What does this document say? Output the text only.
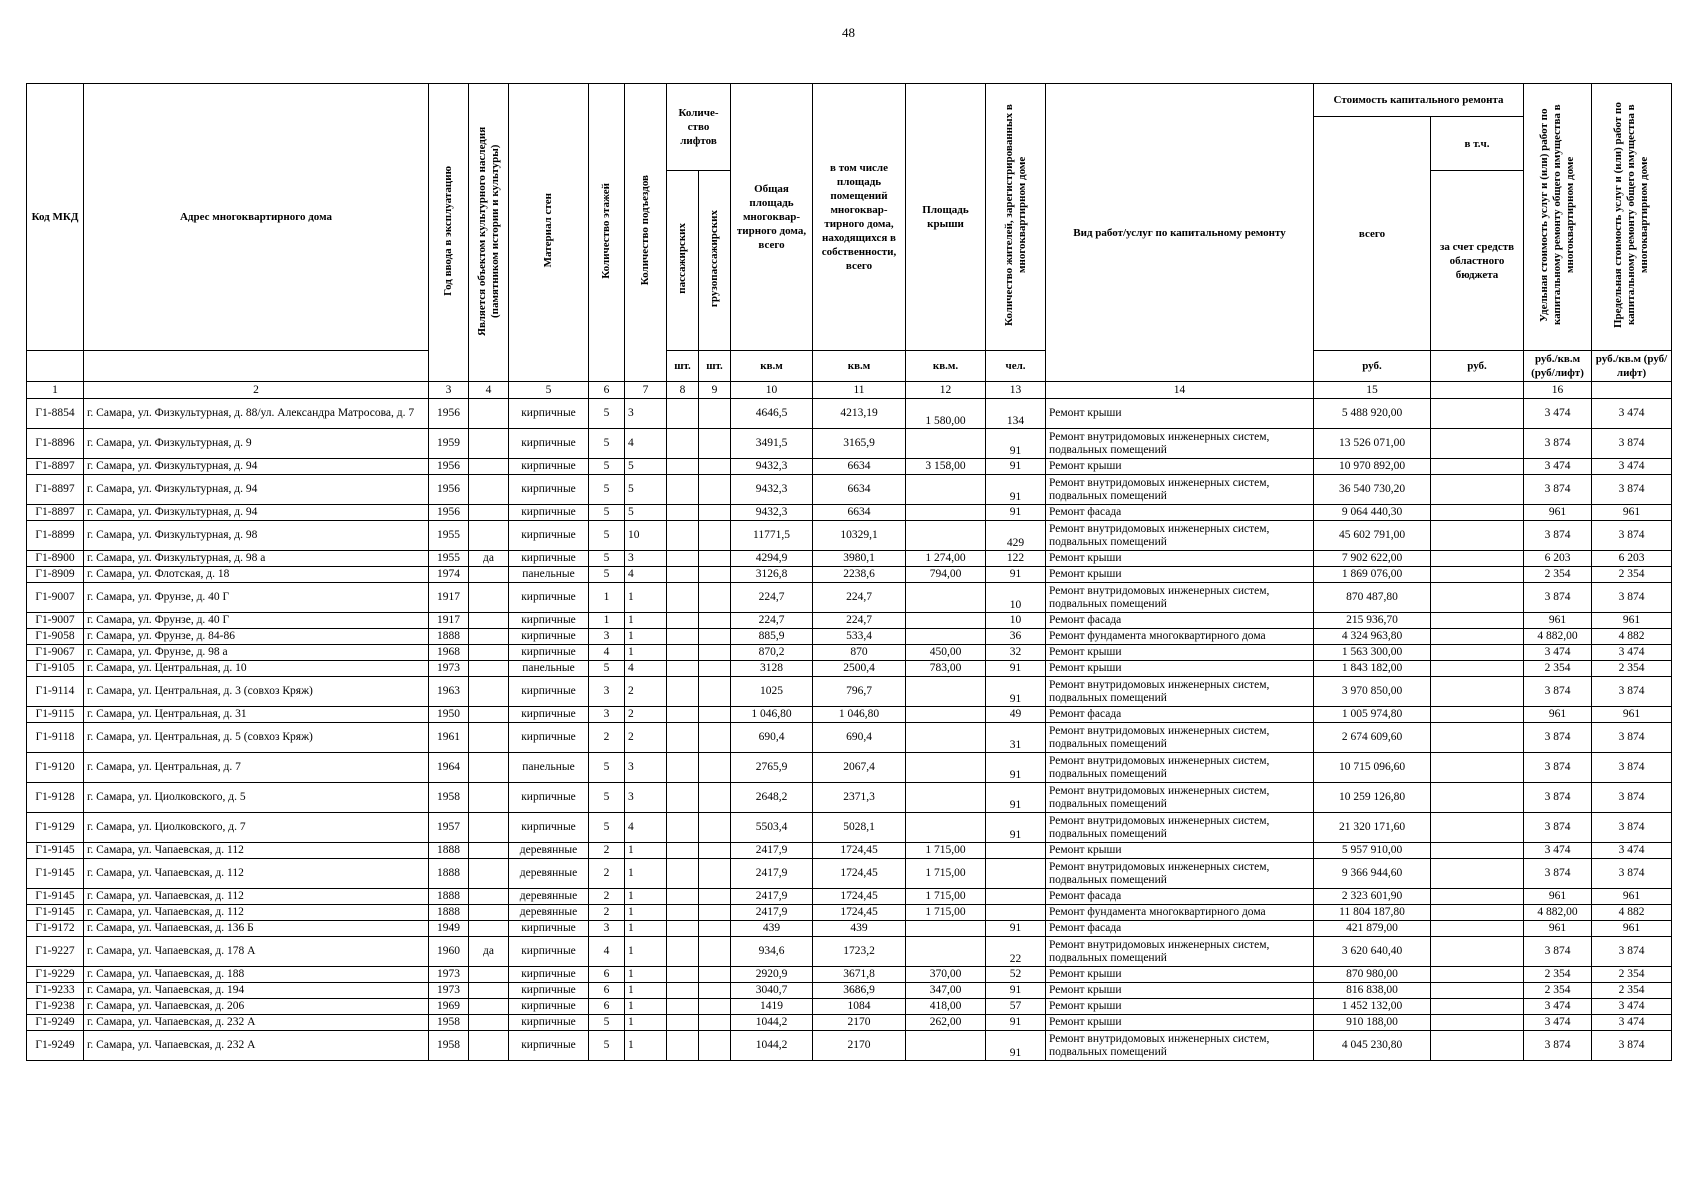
48
Код МКД	Адрес многоквартирного дома	Год ввода в эксплуатацию	Является объектом культурного наследия (памятником истории и культуры)	Материал стен	Количество этажей	Количество подъездов	Количе- ство лифтов		Общая площадь многоквар- тирного дома, всего	в том числе площадь помещений многоквар- тирного дома, находящихся в собственности, всего	Площадь крыши	Количество жителей, зарегистрированных в многоквартирном доме	Вид работ/услуг по капитальному ремонту	Стоимость капитального ремонта		Удельная стоимость услуг и (или) работ по капитальному ремонту общего имущества в многоквартирном доме	Предельная стоимость услуг и (или) работ по капитальному ремонту общего имущества в многоквартирном доме
														всего	в т.ч.		
							пассажирских	грузопассажирских							за счет средств областного бюджета		
							шт.	шт.	кв.м	кв.м	кв.м.	чел.		руб.	руб.	руб./кв.м (руб/лифт)	руб./кв.м (руб/лифт)
1	2	3	4	5	6	7	8	9	10	11	12	13	14	15		16	
Г1-8854	г. Самара, ул. Физкультурная, д. 88/ул. Александра Матросова, д. 7	1956		кирпичные	5	3			4646,5	4213,19	1 580,00	134	Ремонт крыши	5 488 920,00		3 474	3 474
Г1-8896	г. Самара, ул. Физкультурная, д. 9	1959		кирпичные	5	4			3491,5	3165,9		91	Ремонт внутридомовых инженерных систем, подвальных помещений	13 526 071,00		3 874	3 874
Г1-8897	г. Самара, ул. Физкультурная, д. 94	1956		кирпичные	5	5			9432,3	6634	3 158,00	91	Ремонт крыши	10 970 892,00		3 474	3 474
Г1-8897	г. Самара, ул. Физкультурная, д. 94	1956		кирпичные	5	5			9432,3	6634		91	Ремонт внутридомовых инженерных систем, подвальных помещений	36 540 730,20		3 874	3 874
Г1-8897	г. Самара, ул. Физкультурная, д. 94	1956		кирпичные	5	5			9432,3	6634		91	Ремонт фасада	9 064 440,30		961	961
Г1-8899	г. Самара, ул. Физкультурная, д. 98	1955		кирпичные	5	10			11771,5	10329,1		429	Ремонт внутридомовых инженерных систем, подвальных помещений	45 602 791,00		3 874	3 874
Г1-8900	г. Самара, ул. Физкультурная, д. 98 а	1955	да	кирпичные	5	3			4294,9	3980,1	1 274,00	122	Ремонт крыши	7 902 622,00		6 203	6 203
Г1-8909	г. Самара, ул. Флотская, д. 18	1974		панельные	5	4			3126,8	2238,6	794,00	91	Ремонт крыши	1 869 076,00		2 354	2 354
Г1-9007	г. Самара, ул. Фрунзе, д. 40 Г	1917		кирпичные	1	1			224,7	224,7		10	Ремонт внутридомовых инженерных систем, подвальных помещений	870 487,80		3 874	3 874
Г1-9007	г. Самара, ул. Фрунзе, д. 40 Г	1917		кирпичные	1	1			224,7	224,7		10	Ремонт фасада	215 936,70		961	961
Г1-9058	г. Самара, ул. Фрунзе, д. 84-86	1888		кирпичные	3	1			885,9	533,4		36	Ремонт фундамента многоквартирного дома	4 324 963,80		4 882,00	4 882
Г1-9067	г. Самара, ул. Фрунзе, д. 98 а	1968		кирпичные	4	1			870,2	870	450,00	32	Ремонт крыши	1 563 300,00		3 474	3 474
Г1-9105	г. Самара, ул. Центральная, д. 10	1973		панельные	5	4			3128	2500,4	783,00	91	Ремонт крыши	1 843 182,00		2 354	2 354
Г1-9114	г. Самара, ул. Центральная, д. 3 (совхоз Кряж)	1963		кирпичные	3	2			1025	796,7		91	Ремонт внутридомовых инженерных систем, подвальных помещений	3 970 850,00		3 874	3 874
Г1-9115	г. Самара, ул. Центральная, д. 31	1950		кирпичные	3	2			1 046,80	1 046,80		49	Ремонт фасада	1 005 974,80		961	961
Г1-9118	г. Самара, ул. Центральная, д. 5 (совхоз Кряж)	1961		кирпичные	2	2			690,4	690,4		31	Ремонт внутридомовых инженерных систем, подвальных помещений	2 674 609,60		3 874	3 874
Г1-9120	г. Самара, ул. Центральная, д. 7	1964		панельные	5	3			2765,9	2067,4		91	Ремонт внутридомовых инженерных систем, подвальных помещений	10 715 096,60		3 874	3 874
Г1-9128	г. Самара, ул. Циолковского, д. 5	1958		кирпичные	5	3			2648,2	2371,3		91	Ремонт внутридомовых инженерных систем, подвальных помещений	10 259 126,80		3 874	3 874
Г1-9129	г. Самара, ул. Циолковского, д. 7	1957		кирпичные	5	4			5503,4	5028,1		91	Ремонт внутридомовых инженерных систем, подвальных помещений	21 320 171,60		3 874	3 874
Г1-9145	г. Самара, ул. Чапаевская, д. 112	1888		деревянные	2	1			2417,9	1724,45	1 715,00		Ремонт крыши	5 957 910,00		3 474	3 474
Г1-9145	г. Самара, ул. Чапаевская, д. 112	1888		деревянные	2	1			2417,9	1724,45	1 715,00		Ремонт внутридомовых инженерных систем, подвальных помещений	9 366 944,60		3 874	3 874
Г1-9145	г. Самара, ул. Чапаевская, д. 112	1888		деревянные	2	1			2417,9	1724,45	1 715,00		Ремонт фасада	2 323 601,90		961	961
Г1-9145	г. Самара, ул. Чапаевская, д. 112	1888		деревянные	2	1			2417,9	1724,45	1 715,00		Ремонт фундамента многоквартирного дома	11 804 187,80		4 882,00	4 882
Г1-9172	г. Самара, ул. Чапаевская, д. 136 Б	1949		кирпичные	3	1			439	439		91	Ремонт фасада	421 879,00		961	961
Г1-9227	г. Самара, ул. Чапаевская, д. 178 А	1960	да	кирпичные	4	1			934,6	1723,2		22	Ремонт внутридомовых инженерных систем, подвальных помещений	3 620 640,40		3 874	3 874
Г1-9229	г. Самара, ул. Чапаевская, д. 188	1973		кирпичные	6	1			2920,9	3671,8	370,00	52	Ремонт крыши	870 980,00		2 354	2 354
Г1-9233	г. Самара, ул. Чапаевская, д. 194	1973		кирпичные	6	1			3040,7	3686,9	347,00	91	Ремонт крыши	816 838,00		2 354	2 354
Г1-9238	г. Самара, ул. Чапаевская, д. 206	1969		кирпичные	6	1			1419	1084	418,00	57	Ремонт крыши	1 452 132,00		3 474	3 474
Г1-9249	г. Самара, ул. Чапаевская, д. 232 А	1958		кирпичные	5	1			1044,2	2170	262,00	91	Ремонт крыши	910 188,00		3 474	3 474
Г1-9249	г. Самара, ул. Чапаевская, д. 232 А	1958		кирпичные	5	1			1044,2	2170		91	Ремонт внутридомовых инженерных систем, подвальных помещений	4 045 230,80		3 874	3 874
